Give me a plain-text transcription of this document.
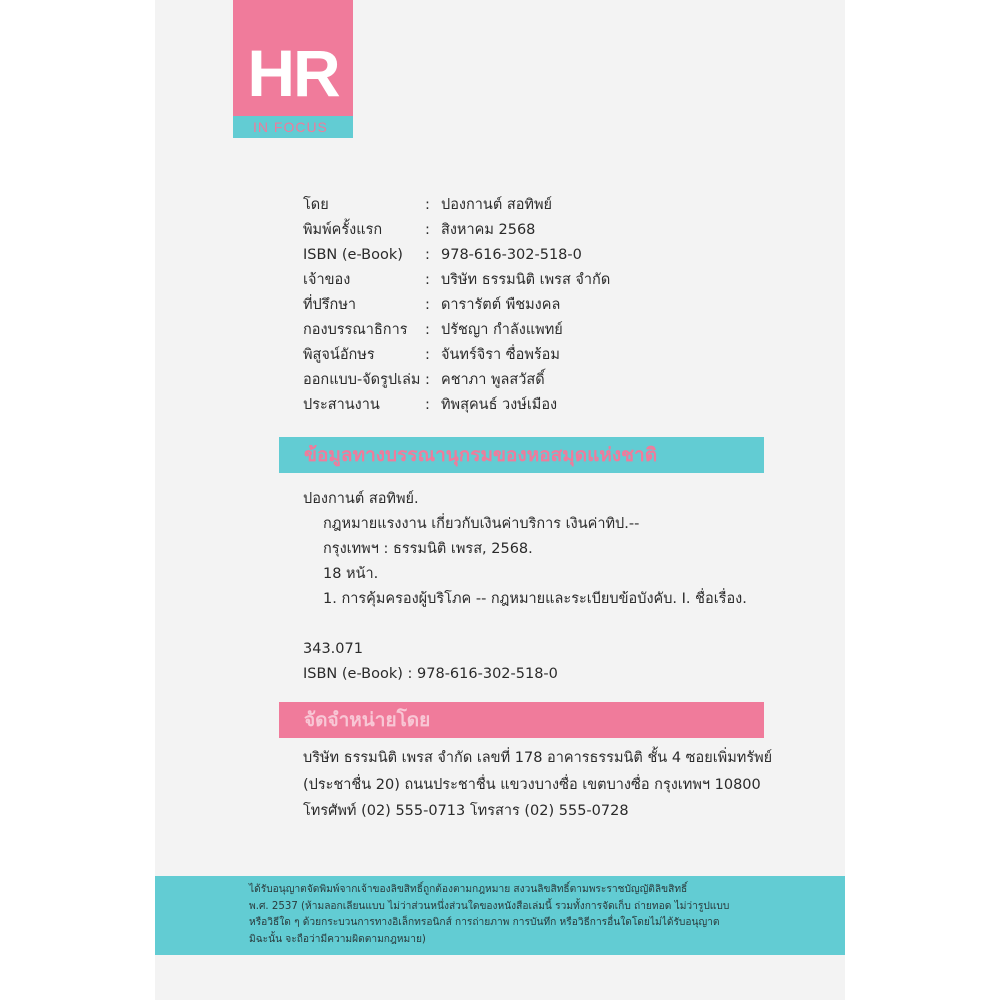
HR
IN FOCUS
โดย	: ปองกานต์ สอทิพย์
พิมพ์ครั้งแรก	: สิงหาคม 2568
ISBN (e-Book) : 978-616-302-518-0
เจ้าของ	: บริษัท ธรรมนิติ เพรส จำกัด
ที่ปรึกษา	: ดารารัตต์ พืชมงคล
กองบรรณาธิการ : ปรัชญา กำลังแพทย์
พิสูจน์อักษร	: จันทร์จิรา ซื่อพร้อม
ออกแบบ-จัดรูปเล่ม : คชาภา พูลสวัสดิ์
ประสานงาน	: ทิพสุคนธ์ วงษ์เมือง
ข้อมูลทางบรรณานุกรมของหอสมุดแห่งชาติ
ปองกานต์ สอทิพย์.
กฎหมายแรงงาน เกี่ยวกับเงินค่าบริการ เงินค่าทิป.--
กรุงเทพฯ : ธรรมนิติ เพรส, 2568.
18 หน้า.
1. การคุ้มครองผู้บริโภค -- กฎหมายและระเบียบข้อบังคับ. I. ชื่อเรื่อง.
343.071
ISBN (e-Book) : 978-616-302-518-0
จัดจำหน่ายโดย
บริษัท ธรรมนิติ เพรส จำกัด เลขที่ 178 อาคารธรรมนิติ ชั้น 4 ซอยเพิ่มทรัพย์
(ประชาชื่น 20) ถนนประชาชื่น แขวงบางซื่อ เขตบางซื่อ กรุงเทพฯ 10800
โทรศัพท์ (02) 555-0713 โทรสาร (02) 555-0728
ได้รับอนุญาตจัดพิมพ์จากเจ้าของลิขสิทธิ์ถูกต้องตามกฎหมาย สงวนลิขสิทธิ์ตามพระราชบัญญัติลิขสิทธิ์
พ.ศ. 2537 (ห้ามลอกเลียนแบบ ไม่ว่าส่วนหนึ่งส่วนใดของหนังสือเล่มนี้ รวมทั้งการจัดเก็บ ถ่ายทอด ไม่ว่ารูปแบบ
หรือวิธีใด ๆ ด้วยกระบวนการทางอิเล็กทรอนิกส์ การถ่ายภาพ การบันทึก หรือวิธีการอื่นใดโดยไม่ได้รับอนุญาต
มิฉะนั้น จะถือว่ามีความผิดตามกฎหมาย)
